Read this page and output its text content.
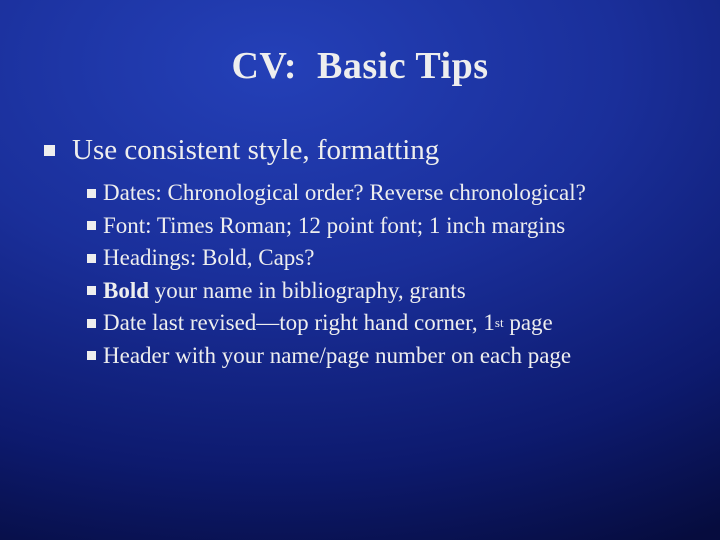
CV:  Basic Tips
Use consistent style, formatting
Dates: Chronological order? Reverse chronological?
Font: Times Roman; 12 point font; 1 inch margins
Headings: Bold, Caps?
Bold your name in bibliography, grants
Date last revised—top right hand corner, 1 st page
Header with your name/page number on each page
